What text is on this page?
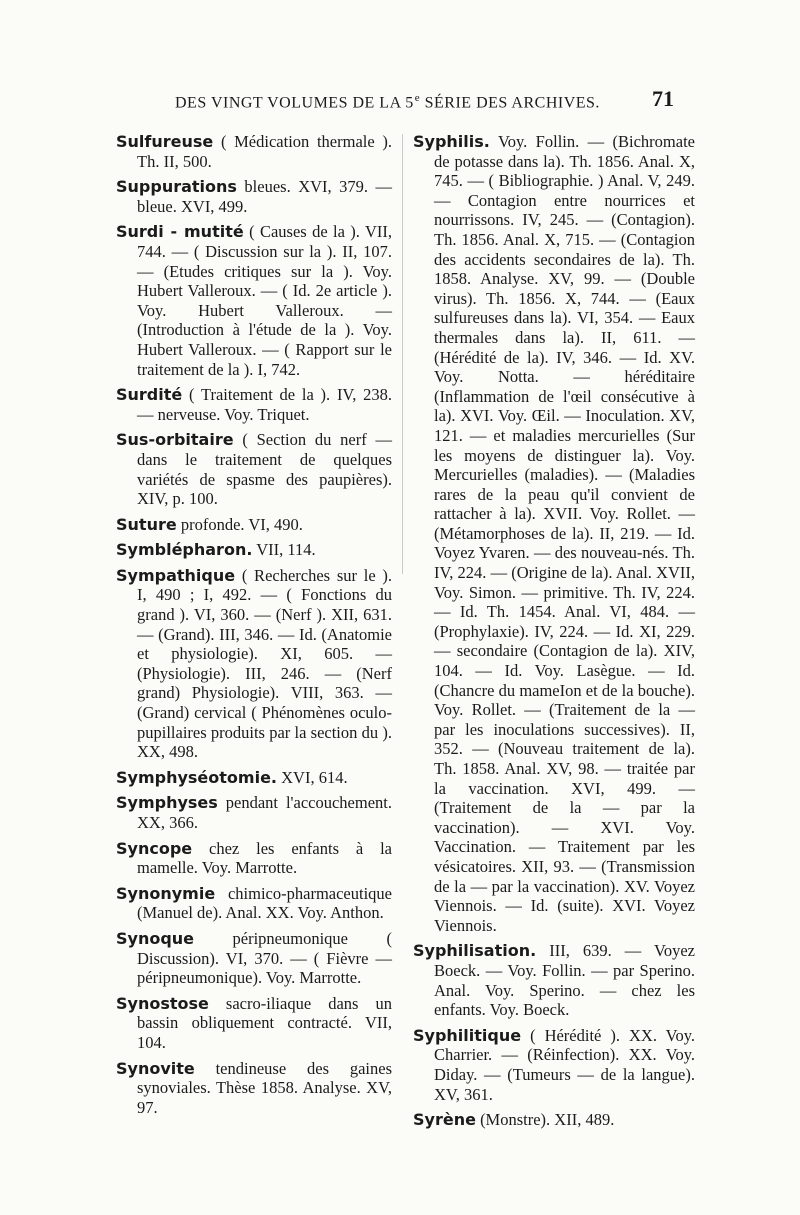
DES VINGT VOLUMES DE LA 5e SÉRIE DES ARCHIVES.	71

Sulfureuse ( Médication thermale ). Th. II, 500.

Suppurations bleues. XVI, 379. — bleue. XVI, 499.

Surdi - mutité ( Causes de la ). VII, 744. — ( Discussion sur la ). II, 107. — (Etudes critiques sur la ). Voy. Hubert Valleroux. — ( Id. 2e article ). Voy. Hubert Valleroux. — (Introduction à l'étude de la ). Voy. Hubert Valleroux. — ( Rapport sur le traitement de la ). I, 742.

Surdité ( Traitement de la ). IV, 238. — nerveuse. Voy. Triquet.

Sus-orbitaire ( Section du nerf — dans le traitement de quelques variétés de spasme des paupières). XIV, p. 100.

Suture profonde. VI, 490.

Symblépharon. VII, 114.

Sympathique ( Recherches sur le ). I, 490 ; I, 492. — ( Fonctions du grand ). VI, 360. — (Nerf ). XII, 631. — (Grand). III, 346. — Id. (Anatomie et physiologie). XI, 605. — (Physiologie). III, 246. — (Nerf grand) Physiologie). VIII, 363. — (Grand) cervical ( Phénomènes oculo-pupillaires produits par la section du ). XX, 498.

Symphyséotomie. XVI, 614.

Symphyses pendant l'accouchement. XX, 366.

Syncope chez les enfants à la mamelle. Voy. Marrotte.

Synonymie chimico-pharmaceutique (Manuel de). Anal. XX. Voy. Anthon.

Synoque péripneumonique ( Discussion). VI, 370. — ( Fièvre — péripneumonique). Voy. Marrotte.

Synostose sacro-iliaque dans un bassin obliquement contracté. VII, 104.

Synovite tendineuse des gaines synoviales. Thèse 1858. Analyse. XV, 97.

Syphilis. Voy. Follin. — (Bichromate de potasse dans la). Th. 1856. Anal. X, 745. — ( Bibliographie. ) Anal. V, 249. — Contagion entre nourrices et nourrissons. IV, 245. — (Contagion). Th. 1856. Anal. X, 715. — (Contagion des accidents secondaires de la). Th. 1858. Analyse. XV, 99. — (Double virus). Th. 1856. X, 744. — (Eaux sulfureuses dans la). VI, 354. — Eaux thermales dans la). II, 611. — (Hérédité de la). IV, 346. — Id. XV. Voy. Notta. — héréditaire (Inflammation de l'œil consécutive à la). XVI. Voy. Œil. — Inoculation. XV, 121. — et maladies mercurielles (Sur les moyens de distinguer la). Voy. Mercurielles (maladies). — (Maladies rares de la peau qu'il convient de rattacher à la). XVII. Voy. Rollet. — (Métamorphoses de la). II, 219. — Id. Voyez Yvaren. — des nouveau-nés. Th. IV, 224. — (Origine de la). Anal. XVII, Voy. Simon. — primitive. Th. IV, 224. — Id. Th. 1454. Anal. VI, 484. — (Prophylaxie). IV, 224. — Id. XI, 229. — secondaire (Contagion de la). XIV, 104. — Id. Voy. Lasègue. — Id. (Chancre du mameIon et de la bouche). Voy. Rollet. — (Traitement de la — par les inoculations successives). II, 352. — (Nouveau traitement de la). Th. 1858. Anal. XV, 98. — traitée par la vaccination. XVI, 499. — (Traitement de la — par la vaccination). — XVI. Voy. Vaccination. — Traitement par les vésicatoires. XII, 93. — (Transmission de la — par la vaccination). XV. Voyez Viennois. — Id. (suite). XVI. Voyez Viennois.

Syphilisation. III, 639. — Voyez Boeck. — Voy. Follin. — par Sperino. Anal. Voy. Sperino. — chez les enfants. Voy. Boeck.

Syphilitique ( Hérédité ). XX. Voy. Charrier. — (Réinfection). XX. Voy. Diday. — (Tumeurs — de la langue). XV, 361.

Syrène (Monstre). XII, 489.
